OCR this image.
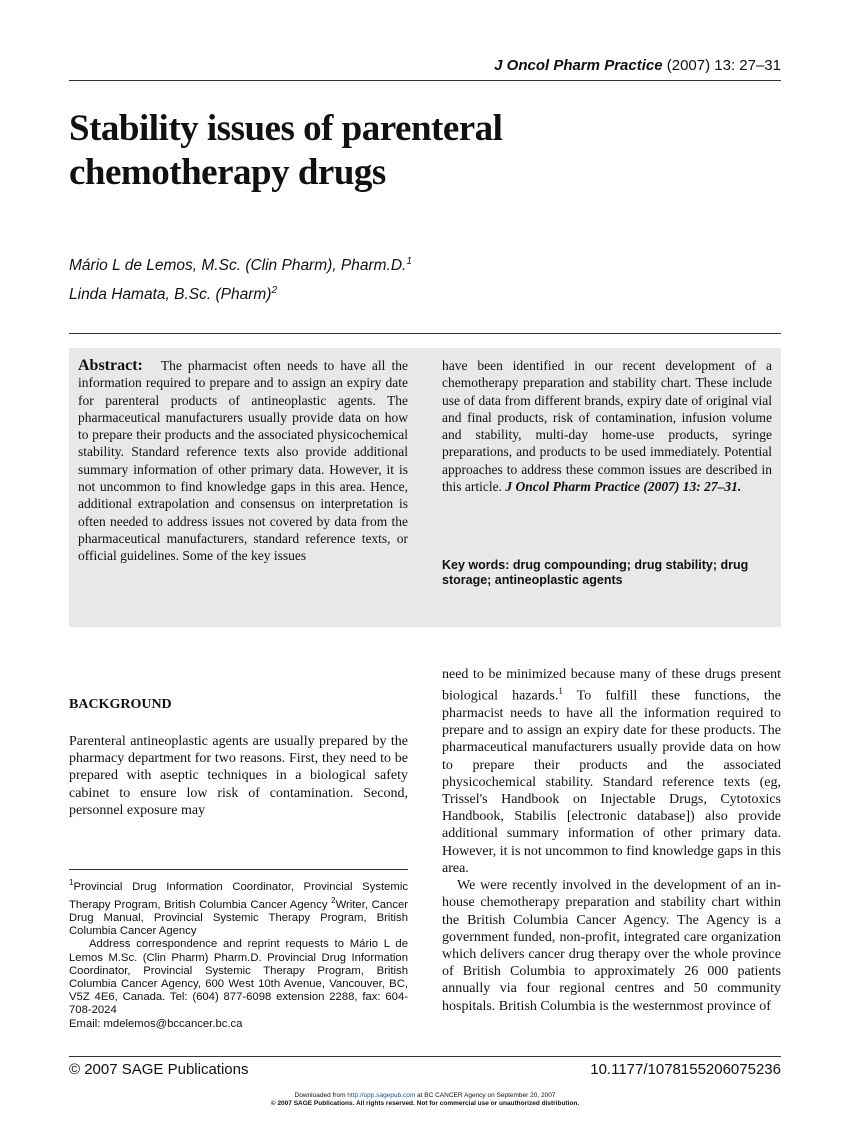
J Oncol Pharm Practice (2007) 13: 27–31
Stability issues of parenteral chemotherapy drugs
Mário L de Lemos, M.Sc. (Clin Pharm), Pharm.D.$^1$
Linda Hamata, B.Sc. (Pharm)$^2$
Abstract: The pharmacist often needs to have all the information required to prepare and to assign an expiry date for parenteral products of antineoplastic agents. The pharmaceutical manufacturers usually provide data on how to prepare their products and the associated physicochemical stability. Standard reference texts also provide additional summary information of other primary data. However, it is not uncommon to find knowledge gaps in this area. Hence, additional extrapolation and consensus on interpretation is often needed to address issues not covered by data from the pharmaceutical manufacturers, standard reference texts, or official guidelines. Some of the key issues
have been identified in our recent development of a chemotherapy preparation and stability chart. These include use of data from different brands, expiry date of original vial and final products, risk of contamination, infusion volume and stability, multi-day home-use products, syringe preparations, and products to be used immediately. Potential approaches to address these common issues are described in this article. J Oncol Pharm Practice (2007) 13: 27–31.
Key words: drug compounding; drug stability; drug storage; antineoplastic agents
BACKGROUND
Parenteral antineoplastic agents are usually prepared by the pharmacy department for two reasons. First, they need to be prepared with aseptic techniques in a biological safety cabinet to ensure low risk of contamination. Second, personnel exposure may

need to be minimized because many of these drugs present biological hazards.$^1$ To fulfill these functions, the pharmacist needs to have all the information required to prepare and to assign an expiry date for these products. The pharmaceutical manufacturers usually provide data on how to prepare their products and the associated physicochemical stability. Standard reference texts (eg, Trissel's Handbook on Injectable Drugs, Cytotoxics Handbook, Stabilis [electronic database]) also provide additional summary information of other primary data. However, it is not uncommon to find knowledge gaps in this area.

We were recently involved in the development of an in-house chemotherapy preparation and stability chart within the British Columbia Cancer Agency. The Agency is a government funded, non-profit, integrated care organization which delivers cancer drug therapy over the whole province of British Columbia to approximately 26 000 patients annually via four regional centres and 50 community hospitals. British Columbia is the westernmost province of

$^1$Provincial Drug Information Coordinator, Provincial Systemic Therapy Program, British Columbia Cancer Agency $^2$Writer, Cancer Drug Manual, Provincial Systemic Therapy Program, British Columbia Cancer Agency

Address correspondence and reprint requests to Mário L de Lemos M.Sc. (Clin Pharm) Pharm.D. Provincial Drug Information Coordinator, Provincial Systemic Therapy Program, British Columbia Cancer Agency, 600 West 10th Avenue, Vancouver, BC, V5Z 4E6, Canada. Tel: (604) 877-6098 extension 2288, fax: 604-708-2024

Email: mdelemos@bccancer.bc.ca

© 2007 SAGE Publications	10.1177/1078155206075236
Downloaded from http://opp.sagepub.com at BC CANCER Agency on September 20, 2007
© 2007 SAGE Publications. All rights reserved. Not for commercial use or unauthorized distribution.
